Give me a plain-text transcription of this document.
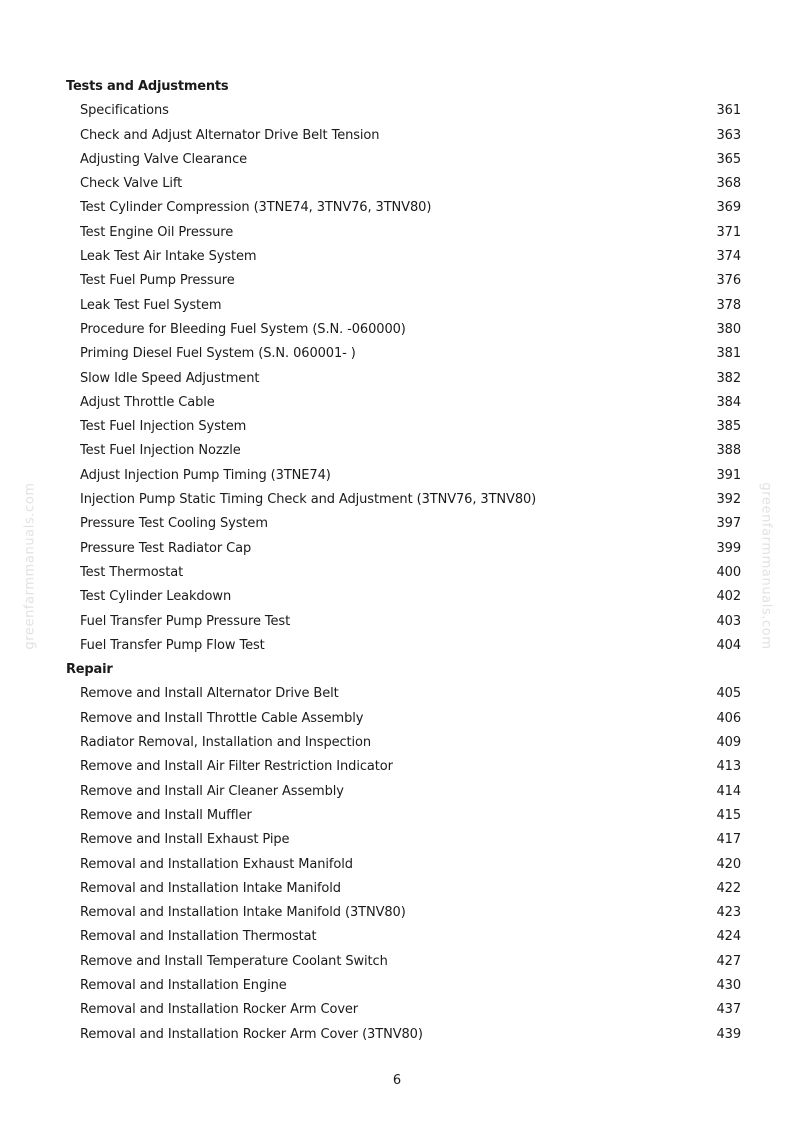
Tests and Adjustments
Specifications	361
Check and Adjust Alternator Drive Belt Tension	363
Adjusting Valve Clearance	365
Check Valve Lift	368
Test Cylinder Compression (3TNE74, 3TNV76, 3TNV80)	369
Test Engine Oil Pressure	371
Leak Test Air Intake System	374
Test Fuel Pump Pressure	376
Leak Test Fuel System	378
Procedure for Bleeding Fuel System (S.N. -060000)	380
Priming Diesel Fuel System (S.N. 060001- )	381
Slow Idle Speed Adjustment	382
Adjust Throttle Cable	384
Test Fuel Injection System	385
Test Fuel Injection Nozzle	388
Adjust Injection Pump Timing (3TNE74)	391
Injection Pump Static Timing Check and Adjustment (3TNV76, 3TNV80)	392
Pressure Test Cooling System	397
Pressure Test Radiator Cap	399
Test Thermostat	400
Test Cylinder Leakdown	402
Fuel Transfer Pump Pressure Test	403
Fuel Transfer Pump Flow Test	404
Repair
Remove and Install Alternator Drive Belt	405
Remove and Install Throttle Cable Assembly	406
Radiator Removal, Installation and Inspection	409
Remove and Install Air Filter Restriction Indicator	413
Remove and Install Air Cleaner Assembly	414
Remove and Install Muffler	415
Remove and Install Exhaust Pipe	417
Removal and Installation Exhaust Manifold	420
Removal and Installation Intake Manifold	422
Removal and Installation Intake Manifold (3TNV80)	423
Removal and Installation Thermostat	424
Remove and Install Temperature Coolant Switch	427
Removal and Installation Engine	430
Removal and Installation Rocker Arm Cover	437
Removal and Installation Rocker Arm Cover (3TNV80)	439
greenfarmmanuals.com	greenfarmmanuals.com
6
